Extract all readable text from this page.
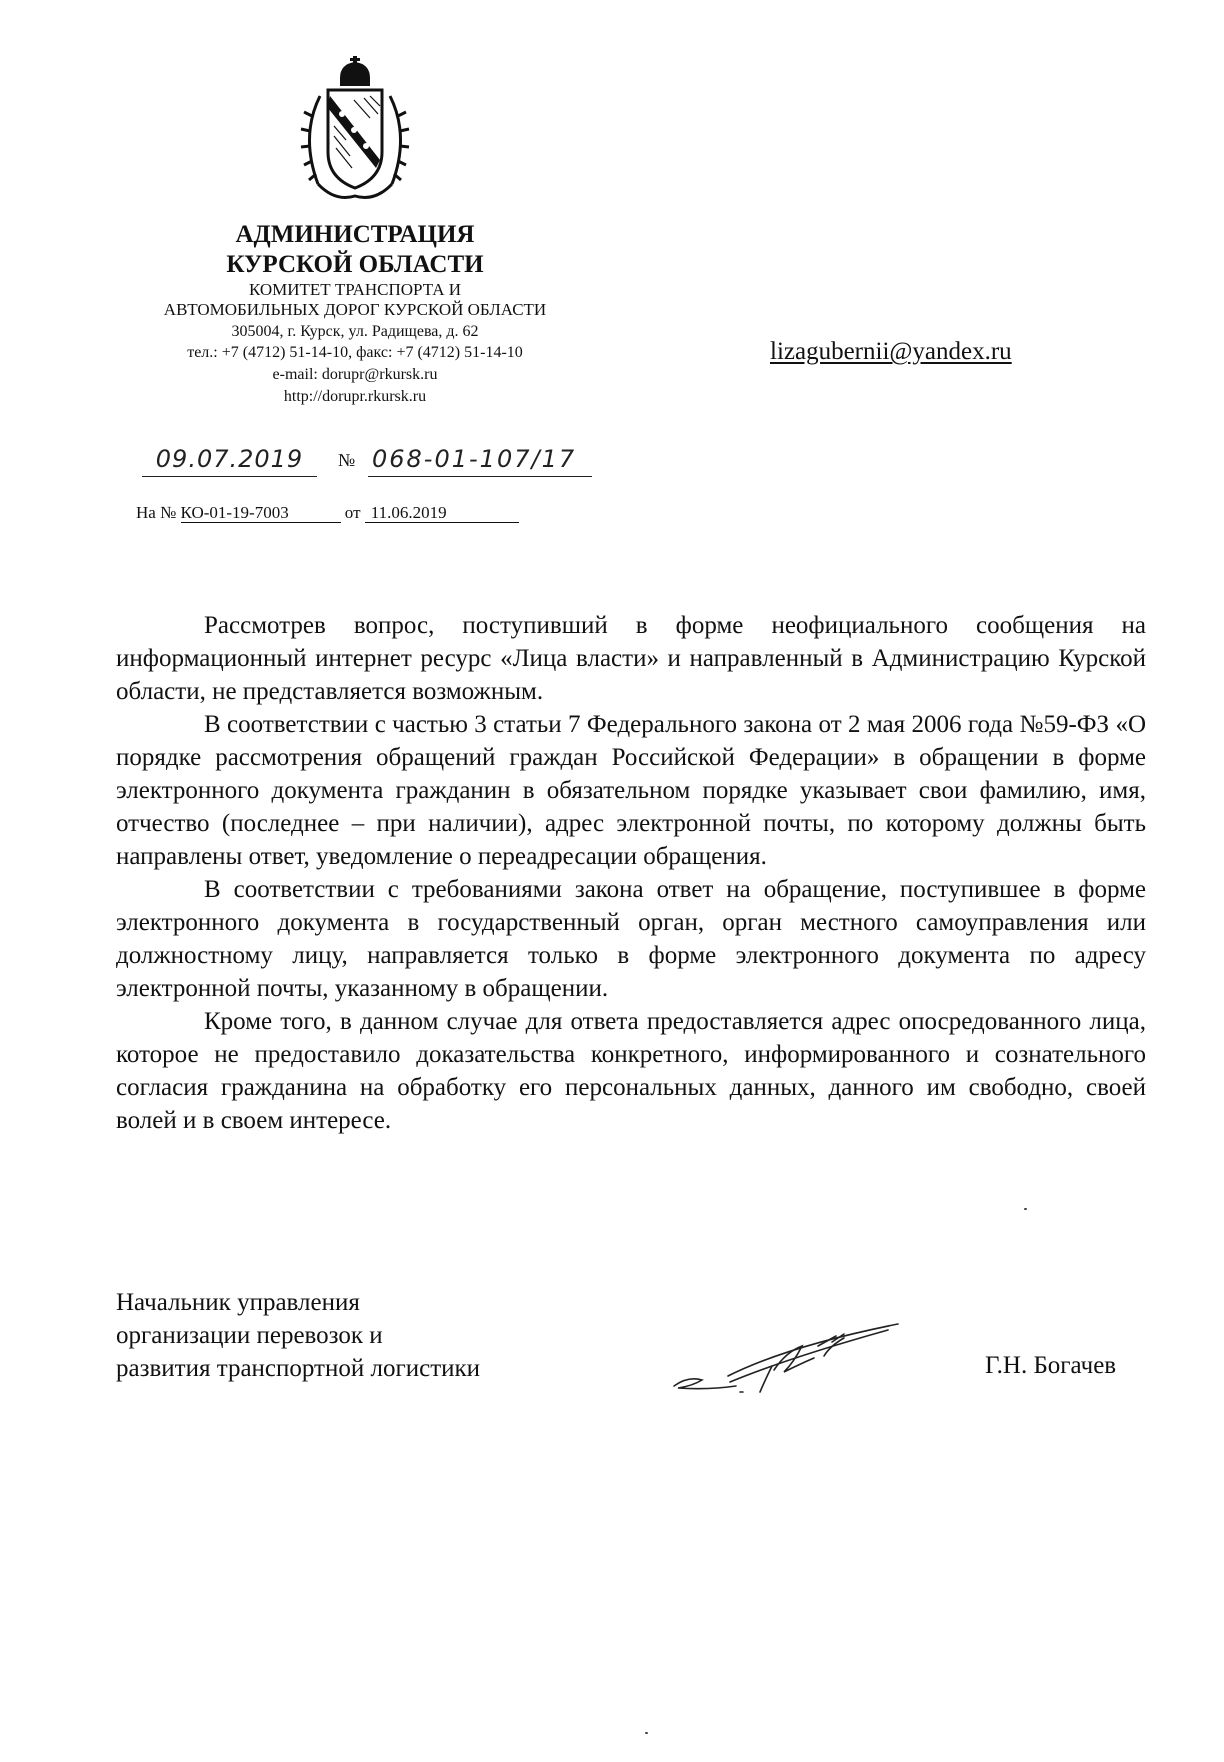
АДМИНИСТРАЦИЯ
КУРСКОЙ ОБЛАСТИ
КОМИТЕТ ТРАНСПОРТА И
АВТОМОБИЛЬНЫХ ДОРОГ КУРСКОЙ ОБЛАСТИ
305004, г. Курск, ул. Радищева, д. 62
тел.: +7 (4712) 51-14-10, факс: +7 (4712) 51-14-10
e-mail: dorupr@rkursk.ru
http://dorupr.rkursk.ru
lizagubernii@yandex.ru
09.07.2019	№ 068-01-107/17
На № КО-01-19-7003	от 11.06.2019

Рассмотрев вопрос, поступивший в форме неофициального сообщения на информационный интернет ресурс «Лица власти» и направленный в Администрацию Курской области, не представляется возможным.

В соответствии с частью 3 статьи 7 Федерального закона от 2 мая 2006 года №59-ФЗ «О порядке рассмотрения обращений граждан Российской Федерации» в обращении в форме электронного документа гражданин в обязательном порядке указывает свои фамилию, имя, отчество (последнее – при наличии), адрес электронной почты, по которому должны быть направлены ответ, уведомление о переадресации обращения.

В соответствии с требованиями закона ответ на обращение, поступившее в форме электронного документа в государственный орган, орган местного самоуправления или должностному лицу, направляется только в форме электронного документа по адресу электронной почты, указанному в обращении.

Кроме того, в данном случае для ответа предоставляется адрес опосредованного лица, которое не предоставило доказательства конкретного, информированного и сознательного согласия гражданина на обработку его персональных данных, данного им свободно, своей волей и в своем интересе.

Начальник управления
организации перевозок и
развития транспортной логистики	Г.Н. Богачев
